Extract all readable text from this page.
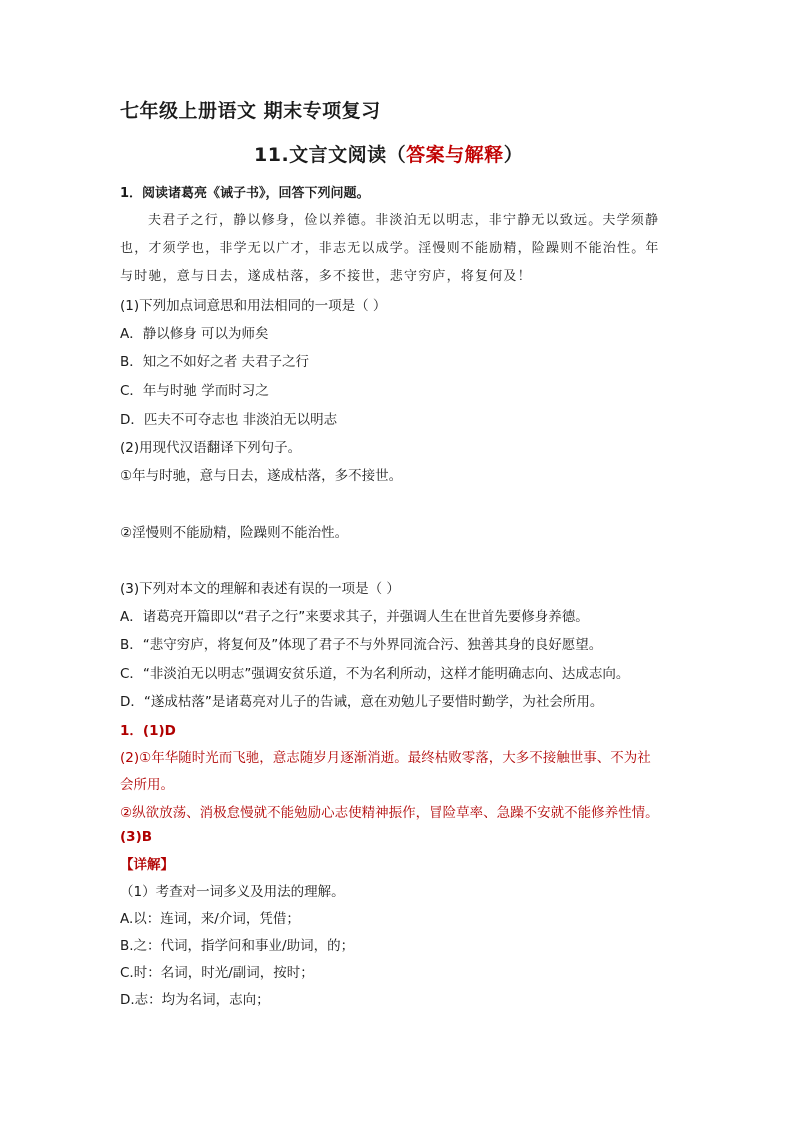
七年级上册语文 期末专项复习
11.文言文阅读（答案与解释）
1．阅读诸葛亮《诫子书》，回答下列问题。
夫君子之行，静以修身，俭以养德。非淡泊无以明志，非宁静无以致远。夫学须静
也，才须学也，非学无以广才，非志无以成学。淫慢则不能励精，险躁则不能治性。年
与时驰，意与日去，遂成枯落，多不接世，悲守穷庐，将复何及！
(1)下列加点词意思和用法相同的一项是（ ）
A．静以修身 可以为师矣
B．知之不如好之者 夫君子之行
C．年与时驰 学而时习之
D．匹夫不可夺志也 非淡泊无以明志
(2)用现代汉语翻译下列句子。
①年与时驰，意与日去，遂成枯落，多不接世。
②淫慢则不能励精，险躁则不能治性。
(3)下列对本文的理解和表述有误的一项是（ ）
A．诸葛亮开篇即以“君子之行”来要求其子，并强调人生在世首先要修身养德。
B．“悲守穷庐，将复何及”体现了君子不与外界同流合污、独善其身的良好愿望。
C．“非淡泊无以明志”强调安贫乐道，不为名利所动，这样才能明确志向、达成志向。
D．“遂成枯落”是诸葛亮对儿子的告诫，意在劝勉儿子要惜时勤学，为社会所用。
1．(1)D
(2)①年华随时光而飞驰，意志随岁月逐渐消逝。最终枯败零落，大多不接触世事、不为社
会所用。
②纵欲放荡、消极怠慢就不能勉励心志使精神振作，冒险草率、急躁不安就不能修养性情。
(3)B
【详解】
（1）考查对一词多义及用法的理解。
A.以：连词，来/介词，凭借；
B.之：代词，指学问和事业/助词，的；
C.时：名词，时光/副词，按时；
D.志：均为名词，志向；
